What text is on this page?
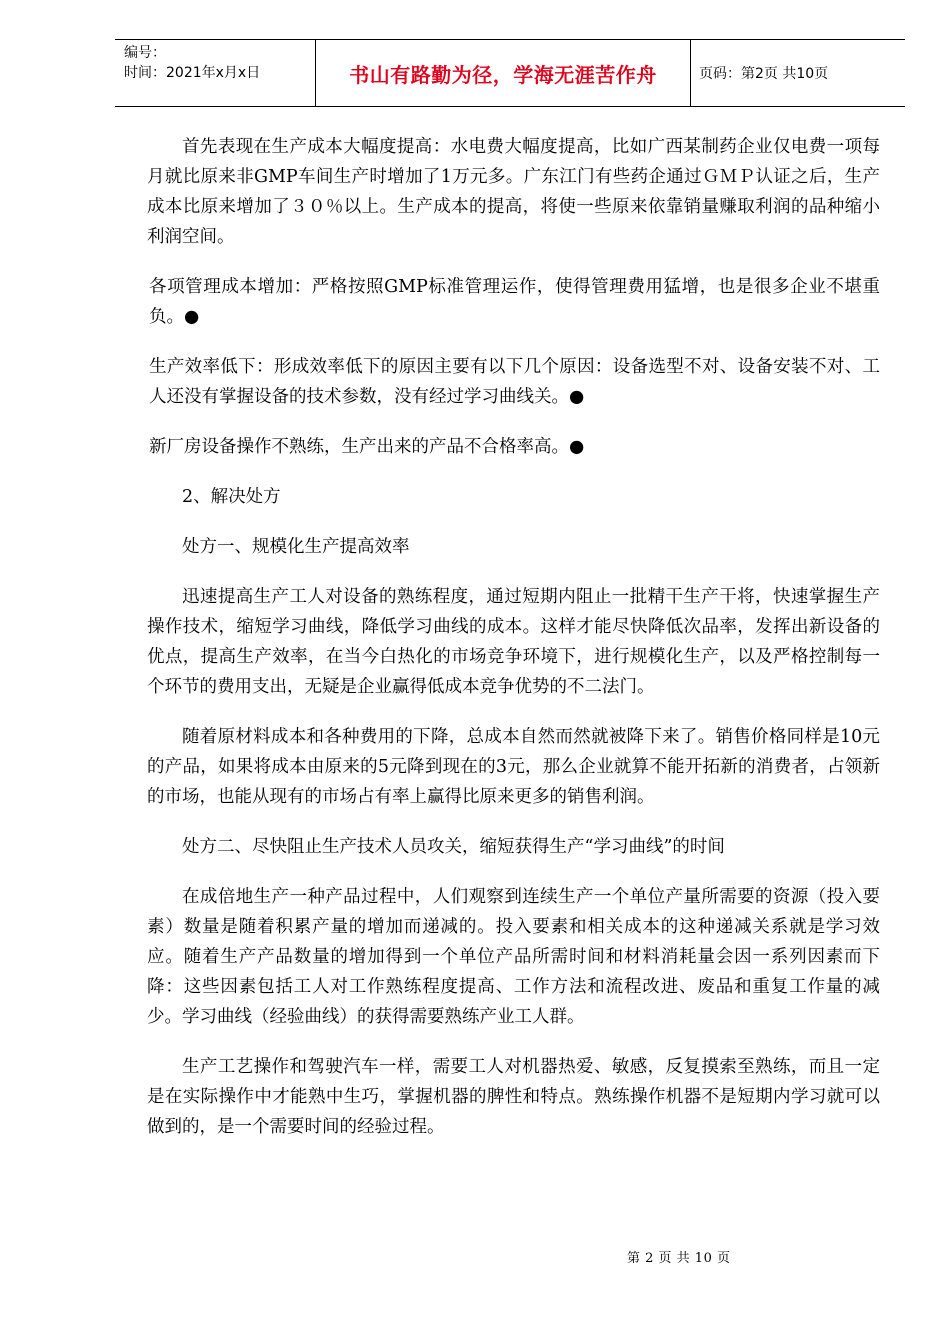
编号：
时间：2021年x月x日	书山有路勤为径，学海无涯苦作舟	页码：第2页 共10页

首先表现在生产成本大幅度提高：水电费大幅度提高，比如广西某制药企业仅电费一项每月就比原来非GMP车间生产时增加了1万元多。广东江门有些药企通过ＧＭＰ认证之后，生产成本比原来增加了３０％以上。生产成本的提高，将使一些原来依靠销量赚取利润的品种缩小利润空间。

各项管理成本增加：严格按照GMP标准管理运作，使得管理费用猛增，也是很多企业不堪重负。●

生产效率低下：形成效率低下的原因主要有以下几个原因：设备选型不对、设备安装不对、工人还没有掌握设备的技术参数，没有经过学习曲线关。●

新厂房设备操作不熟练，生产出来的产品不合格率高。●

2、解决处方

处方一、规模化生产提高效率

迅速提高生产工人对设备的熟练程度，通过短期内阻止一批精干生产干将，快速掌握生产操作技术，缩短学习曲线，降低学习曲线的成本。这样才能尽快降低次品率，发挥出新设备的优点，提高生产效率，在当今白热化的市场竞争环境下，进行规模化生产，以及严格控制每一个环节的费用支出，无疑是企业赢得低成本竞争优势的不二法门。

随着原材料成本和各种费用的下降，总成本自然而然就被降下来了。销售价格同样是10元的产品，如果将成本由原来的5元降到现在的3元，那么企业就算不能开拓新的消费者，占领新的市场，也能从现有的市场占有率上赢得比原来更多的销售利润。

处方二、尽快阻止生产技术人员攻关，缩短获得生产“学习曲线”的时间

在成倍地生产一种产品过程中，人们观察到连续生产一个单位产量所需要的资源（投入要素）数量是随着积累产量的增加而递减的。投入要素和相关成本的这种递减关系就是学习效应。随着生产产品数量的增加得到一个单位产品所需时间和材料消耗量会因一系列因素而下降：这些因素包括工人对工作熟练程度提高、工作方法和流程改进、废品和重复工作量的减少。学习曲线（经验曲线）的获得需要熟练产业工人群。

生产工艺操作和驾驶汽车一样，需要工人对机器热爱、敏感，反复摸索至熟练，而且一定是在实际操作中才能熟中生巧，掌握机器的脾性和特点。熟练操作机器不是短期内学习就可以做到的，是一个需要时间的经验过程。

第 2 页 共 10 页
